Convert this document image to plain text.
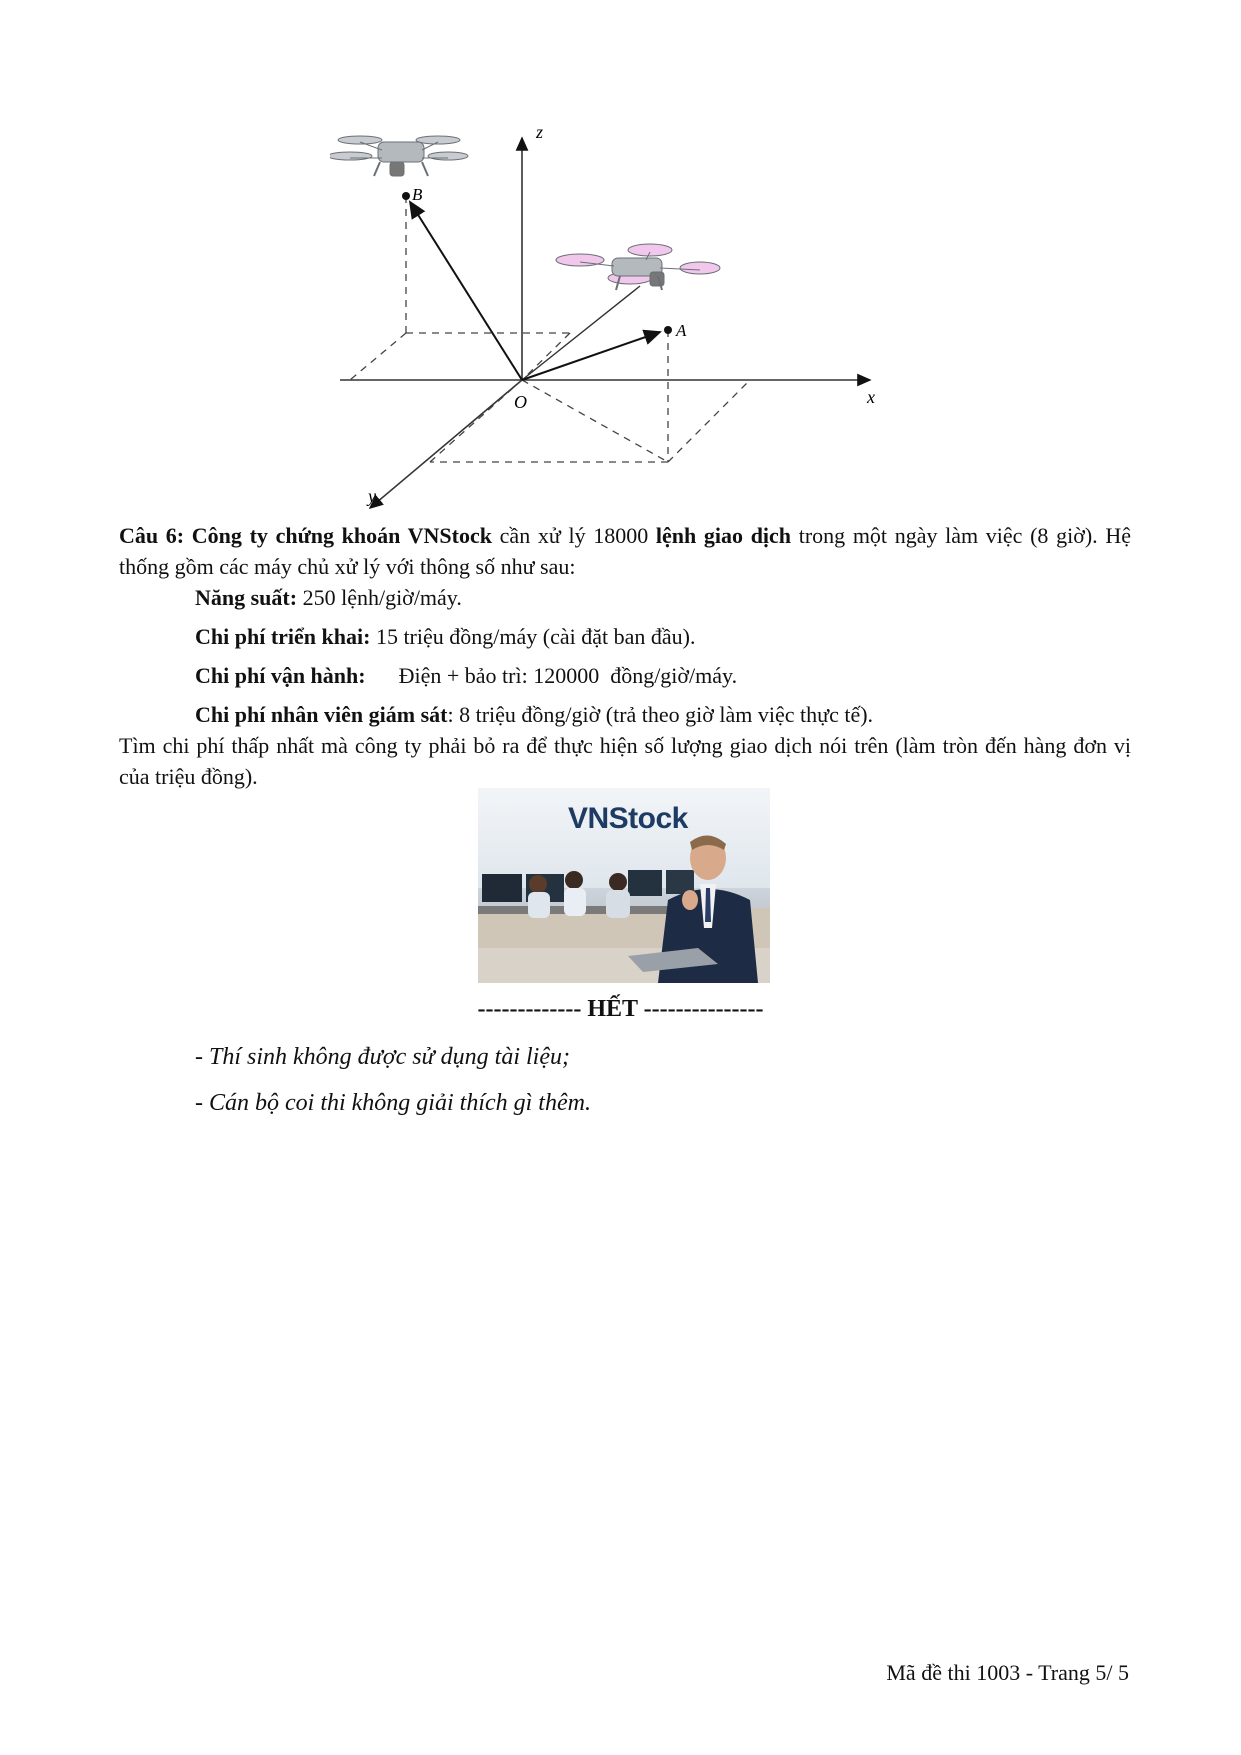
z
x
y
O
B
A

Câu 6: Công ty chứng khoán VNStock cần xử lý 18000 lệnh giao dịch trong một ngày làm việc (8 giờ). Hệ thống gồm các máy chủ xử lý với thông số như sau:

Năng suất: 250 lệnh/giờ/máy.

Chi phí triển khai: 15 triệu đồng/máy (cài đặt ban đầu).

Chi phí vận hành:      Điện + bảo trì: 120000  đồng/giờ/máy.

Chi phí nhân viên giám sát: 8 triệu đồng/giờ (trả theo giờ làm việc thực tế).

Tìm chi phí thấp nhất mà công ty phải bỏ ra để thực hiện số lượng giao dịch nói trên (làm tròn đến hàng đơn vị của triệu đồng).

VNStock
------------- HẾT ---------------
- Thí sinh không được sử dụng tài liệu;
- Cán bộ coi thi không giải thích gì thêm.
Mã đề thi 1003 - Trang 5/ 5
